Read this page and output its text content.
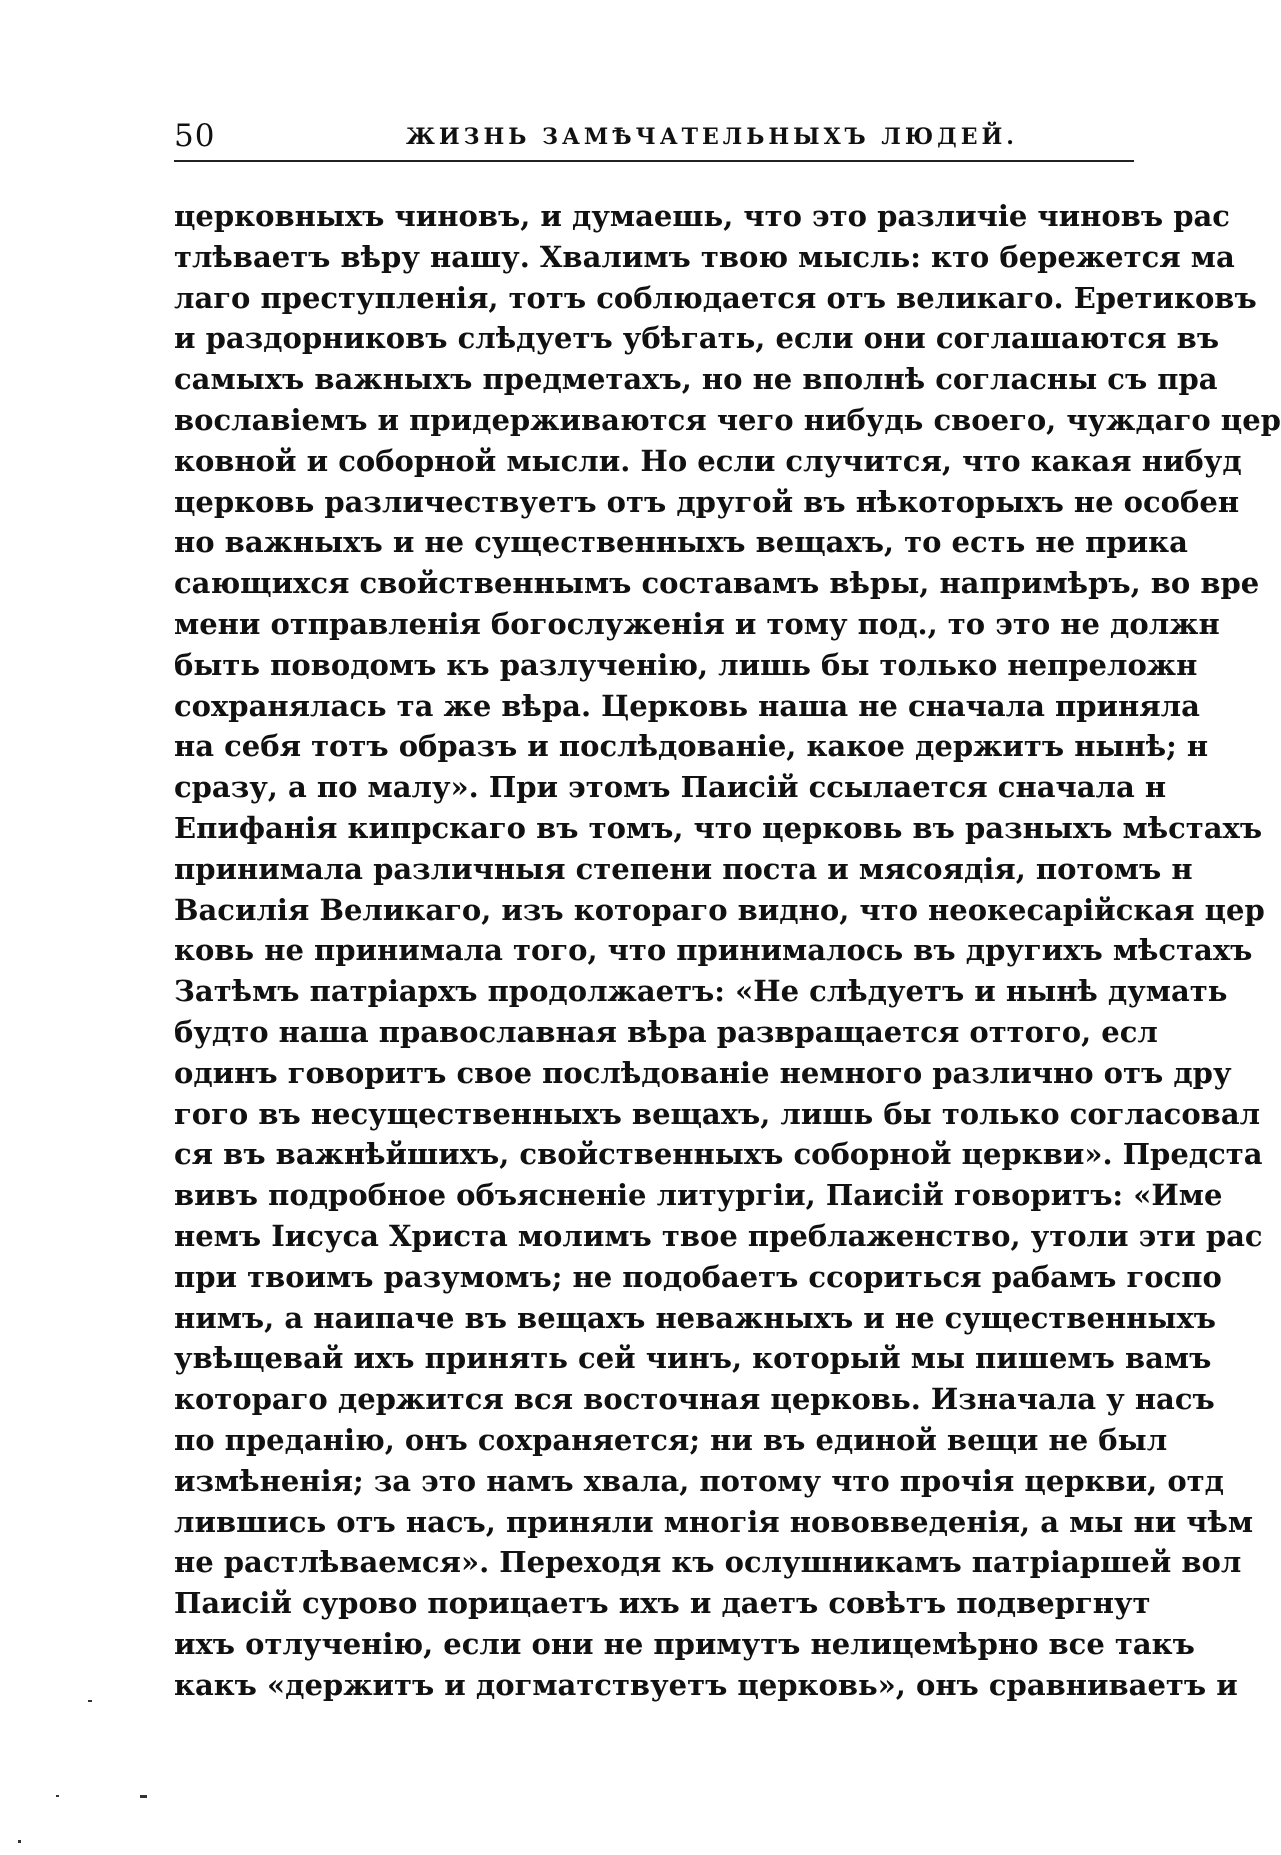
50	ЖИЗНЬ ЗАМѢЧАТЕЛЬНЫХЪ ЛЮДЕЙ.
церковныхъ чиновъ, и думаешь, что это различіе чиновъ рас
тлѣваетъ вѣру нашу. Хвалимъ твою мысль: кто бережется ма
лаго преступленія, тотъ соблюдается отъ великаго. Еретиковъ
и раздорниковъ слѣдуетъ убѣгать, если они соглашаются въ
самыхъ важныхъ предметахъ, но не вполнѣ согласны съ пра
вославіемъ и придерживаются чего нибудь своего, чуждаго цер
ковной и соборной мысли. Но если случится, что какая нибуд
церковь различествуетъ отъ другой въ нѣкоторыхъ не особен
но важныхъ и не существенныхъ вещахъ, то есть не прика
сающихся свойственнымъ составамъ вѣры, напримѣръ, во вре
мени отправленія богослуженія и тому под., то это не должн
быть поводомъ къ разлученію, лишь бы только непреложн
сохранялась та же вѣра. Церковь наша не сначала приняла
на себя тотъ образъ и послѣдованіе, какое держитъ нынѣ; н
сразу, а по малу». При этомъ Паисій ссылается сначала н
Епифанія кипрскаго въ томъ, что церковь въ разныхъ мѣстахъ
принимала различныя степени поста и мясоядія, потомъ н
Василія Великаго, изъ котораго видно, что неокесарійская цер
ковь не принимала того, что принималось въ другихъ мѣстахъ
Затѣмъ патріархъ продолжаетъ: «Не слѣдуетъ и нынѣ думать
будто наша православная вѣра развращается оттого, есл
одинъ говоритъ свое послѣдованіе немного различно отъ дру
гого въ несущественныхъ вещахъ, лишь бы только согласовал
ся въ важнѣйшихъ, свойственныхъ соборной церкви». Предста
вивъ подробное объясненіе литургіи, Паисій говоритъ: «Име
немъ Іисуса Христа молимъ твое преблаженство, утоли эти рас
при твоимъ разумомъ; не подобаетъ ссориться рабамъ госпо
нимъ, а наипаче въ вещахъ неважныхъ и не существенныхъ
увѣщевай ихъ принять сей чинъ, который мы пишемъ вамъ
котораго держится вся восточная церковь. Изначала у насъ
по преданію, онъ сохраняется; ни въ единой вещи не был
измѣненія; за это намъ хвала, потому что прочія церкви, отд
лившись отъ насъ, приняли многія нововведенія, а мы ни чѣм
не растлѣваемся». Переходя къ ослушникамъ патріаршей вол
Паисій сурово порицаетъ ихъ и даетъ совѣтъ подвергнут
ихъ отлученію, если они не примутъ нелицемѣрно все такъ
какъ «держитъ и догматствуетъ церковь», онъ сравниваетъ и
